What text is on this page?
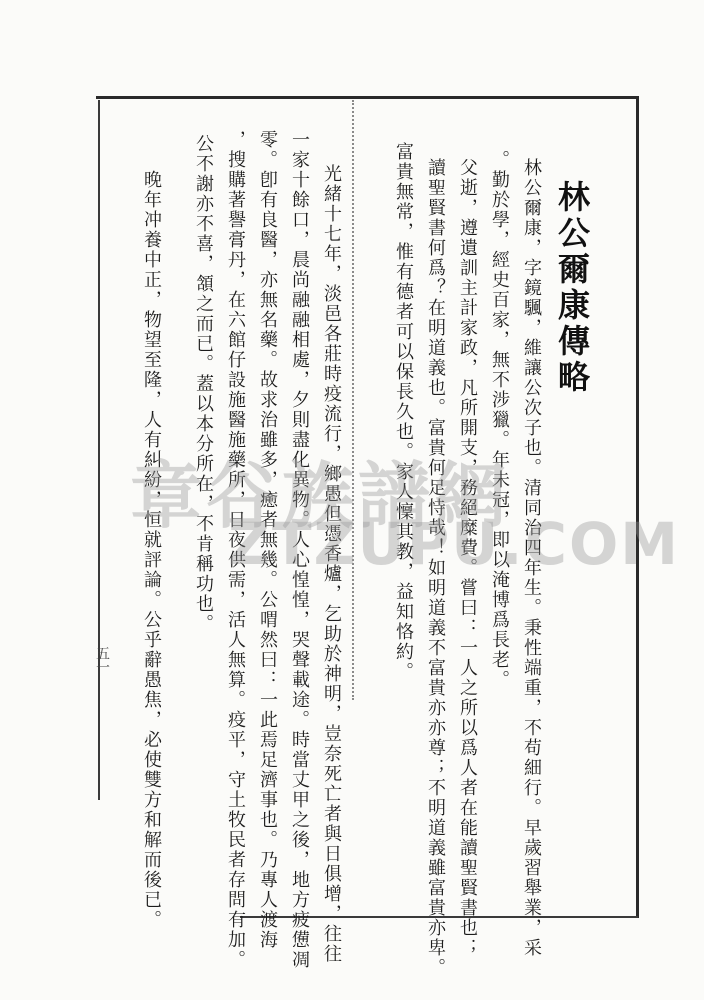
林公爾康傳略
林公爾康，字鏡颿，維讓公次子也。清同治四年生。秉性端重，不苟細行。早歲習舉業，采
。勤於學，經史百家，無不涉獵。年未冠，即以淹博爲長老。
父逝，遵遺訓主計家政，凡所開支，務絕糜費。嘗曰：一人之所以爲人者在能讀聖賢書也；
讀聖賢書何爲？在明道義也。富貴何足恃哉！如明道義不富貴亦亦尊；不明道義雖富貴亦卑。
富貴無常，惟有德者可以保長久也。家人懍其教，益知恪約。
光緒十七年，淡邑各莊時疫流行，鄉愚但憑香爐，乞助於神明，豈奈死亡者與日俱增，往往
一家十餘口，晨尚融融相處，夕則盡化異物。人心惶惶，哭聲載途。時當丈甲之後，地方疲憊凋
零。卽有良醫，亦無名藥。故求治雖多，癒者無幾。公喟然曰：一此焉足濟事也。乃專人渡海
，搜購著譽膏丹，在六館仔設施醫施藥所，日夜供需，活人無算。疫平，守土牧民者存問有加。
公不謝亦不喜，頷之而已。蓋以本分所在，不肯稱功也。
晚年冲養中正，物望至隆，人有糾紛，恒就評論。公乎辭愚焦，必使雙方和解而後已。
五一
章谷族譜網
ZTZUPU.COM
